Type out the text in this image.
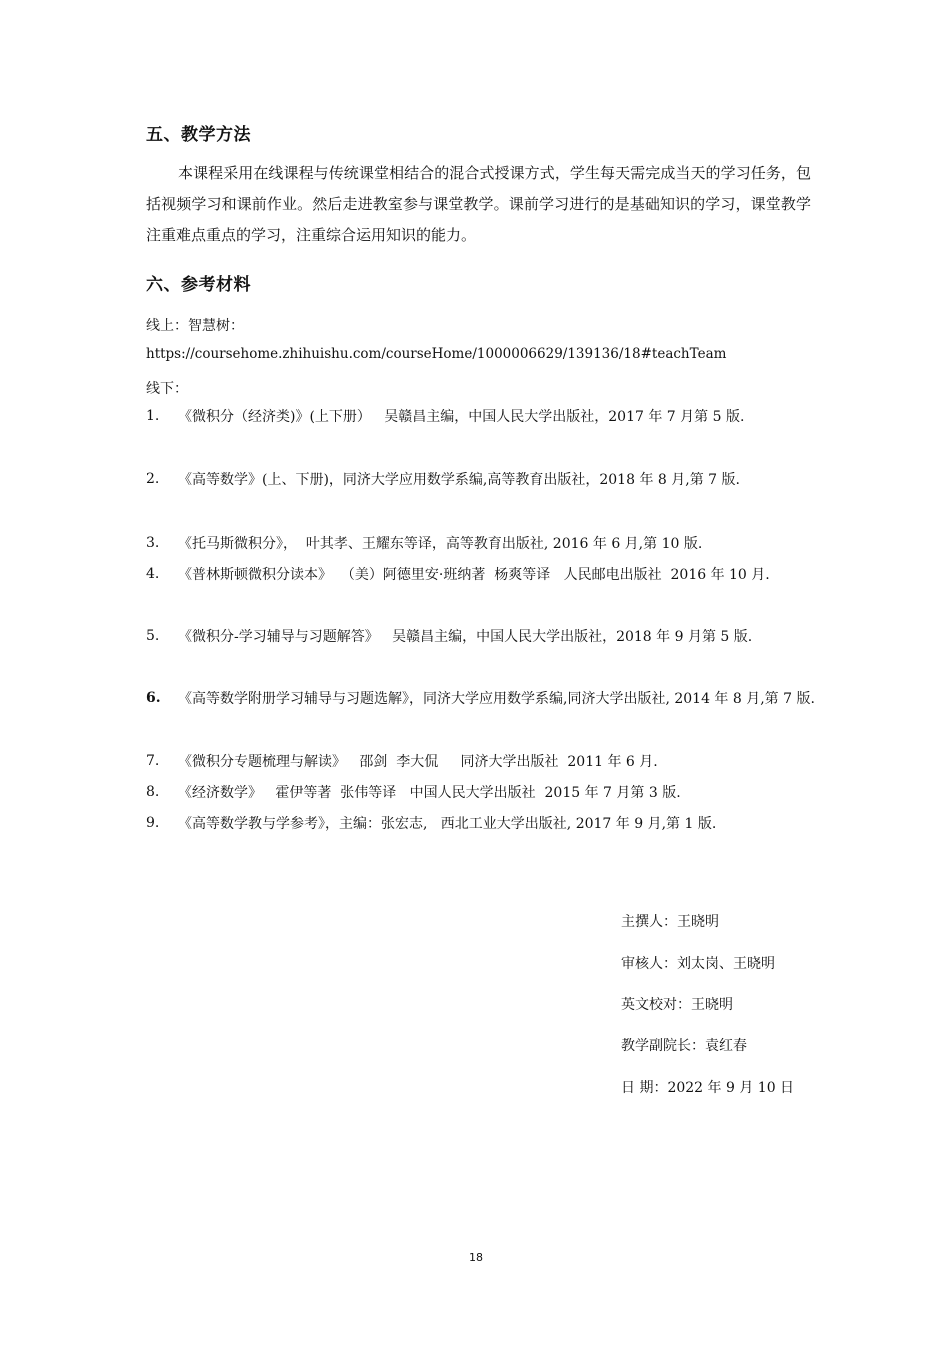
五、教学方法
本课程采用在线课程与传统课堂相结合的混合式授课方式，学生每天需完成当天的学习任务，包括视频学习和课前作业。然后走进教室参与课堂教学。课前学习进行的是基础知识的学习，课堂教学注重难点重点的学习，注重综合运用知识的能力。
六、参考材料
线上：智慧树：
https://coursehome.zhihuishu.com/courseHome/1000006629/139136/18#teachTeam
线下：
1.	《微积分（经济类)》(上下册）   吴赣昌主编，中国人民大学出版社，2017 年 7 月第 5 版.
2.	《高等数学》(上、下册)，同济大学应用数学系编,高等教育出版社，2018 年 8 月,第 7 版.
3.	《托马斯微积分》，  叶其孝、王耀东等译，高等教育出版社, 2016 年 6 月,第 10 版.
4.	《普林斯顿微积分读本》  （美）阿德里安·班纳著  杨爽等译   人民邮电出版社  2016 年 10 月.
5.	《微积分-学习辅导与习题解答》   吴赣昌主编，中国人民大学出版社，2018 年 9 月第 5 版.
6.	《高等数学附册学习辅导与习题选解》，同济大学应用数学系编,同济大学出版社, 2014 年 8 月,第 7 版.
7.	《微积分专题梳理与解读》   邵剑  李大侃     同济大学出版社  2011 年 6 月.
8.	《经济数学》   霍伊等著  张伟等译   中国人民大学出版社  2015 年 7 月第 3 版.
9.	《高等数学教与学参考》，主编：张宏志,   西北工业大学出版社, 2017 年 9 月,第 1 版.
主撰人：王晓明
审核人：刘太岗、王晓明
英文校对：王晓明
教学副院长：袁红春
日 期：2022 年 9 月 10 日
18
